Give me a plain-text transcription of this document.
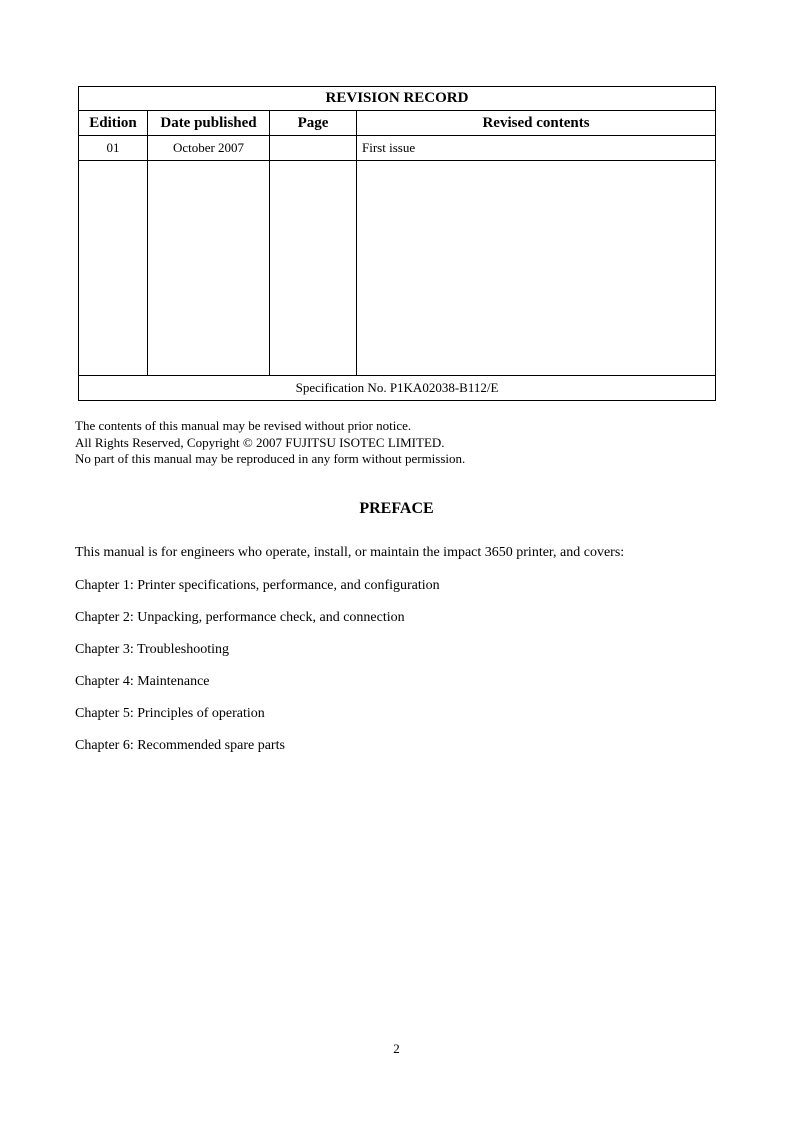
REVISION RECORD			
Edition	Date published	Page	Revised contents
01	October 2007		First issue

Specification No. P1KA02038-B112/E			
The contents of this manual may be revised without prior notice.
All Rights Reserved, Copyright © 2007 FUJITSU ISOTEC LIMITED.
No part of this manual may be reproduced in any form without permission.
PREFACE
This manual is for engineers who operate, install, or maintain the impact 3650 printer, and covers:
Chapter 1: Printer specifications, performance, and configuration
Chapter 2: Unpacking, performance check, and connection
Chapter 3: Troubleshooting
Chapter 4: Maintenance
Chapter 5: Principles of operation
Chapter 6: Recommended spare parts
2
